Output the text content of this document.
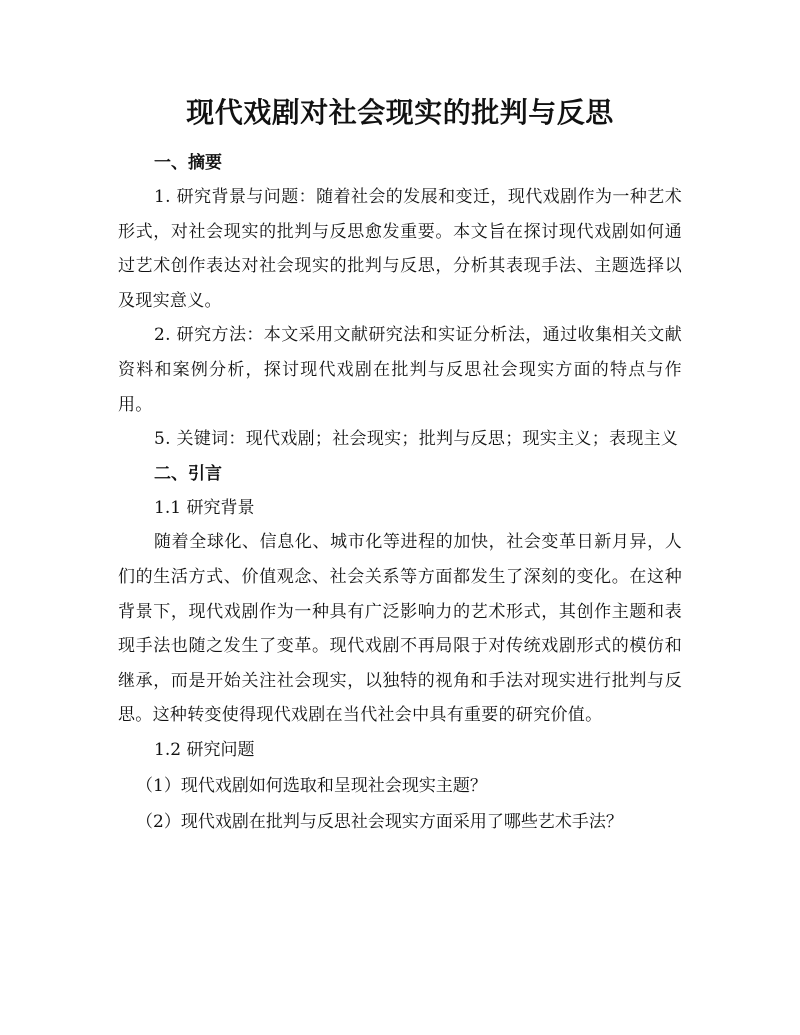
现代戏剧对社会现实的批判与反思

一、摘要

1. 研究背景与问题：随着社会的发展和变迁，现代戏剧作为一种艺术形式，对社会现实的批判与反思愈发重要。本文旨在探讨现代戏剧如何通过艺术创作表达对社会现实的批判与反思，分析其表现手法、主题选择以及现实意义。

2. 研究方法：本文采用文献研究法和实证分析法，通过收集相关文献资料和案例分析，探讨现代戏剧在批判与反思社会现实方面的特点与作用。

5. 关键词：现代戏剧；社会现实；批判与反思；现实主义；表现主义

二、引言

1.1 研究背景

随着全球化、信息化、城市化等进程的加快，社会变革日新月异，人们的生活方式、价值观念、社会关系等方面都发生了深刻的变化。在这种背景下，现代戏剧作为一种具有广泛影响力的艺术形式，其创作主题和表现手法也随之发生了变革。现代戏剧不再局限于对传统戏剧形式的模仿和继承，而是开始关注社会现实，以独特的视角和手法对现实进行批判与反思。这种转变使得现代戏剧在当代社会中具有重要的研究价值。

1.2 研究问题

（1）现代戏剧如何选取和呈现社会现实主题？

（2）现代戏剧在批判与反思社会现实方面采用了哪些艺术手法？
